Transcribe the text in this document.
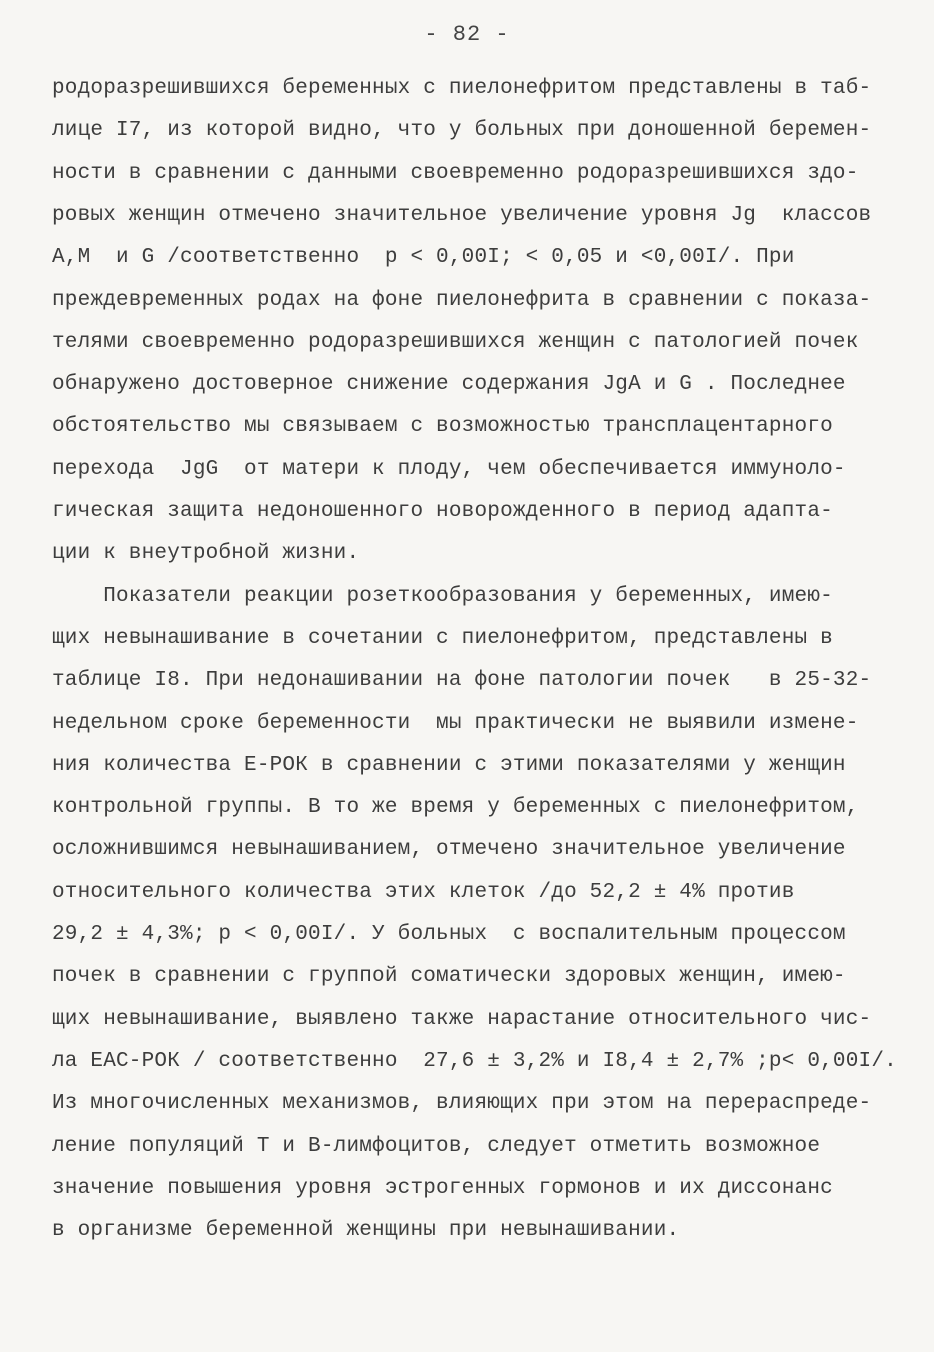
- 82 -
родоразрешившихся беременных с пиелонефритом представлены в таб-
лице I7, из которой видно, что у больных при доношенной беремен-
ности в сравнении с данными своевременно родоразрешившихся здо-
ровых женщин отмечено значительное увеличение уровня Jg  классов
А,М  и G /соответственно  p < 0,00I; < 0,05 и <0,00I/. При
преждевременных родах на фоне пиелонефрита в сравнении с показа-
телями своевременно родоразрешившихся женщин с патологией почек
обнаружено достоверное снижение содержания JgA и G . Последнее
обстоятельство мы связываем с возможностью трансплацентарного
перехода  JgG  от матери к плоду, чем обеспечивается иммуноло-
гическая защита недоношенного новорожденного в период адапта-
ции к внеутробной жизни.
Показатели реакции розеткообразования у беременных, имею-
щих невынашивание в сочетании с пиелонефритом, представлены в
таблице I8. При недонашивании на фоне патологии почек   в 25-32-
недельном сроке беременности  мы практически не выявили измене-
ния количества Е-РОК в сравнении с этими показателями у женщин
контрольной группы. В то же время у беременных с пиелонефритом,
осложнившимся невынашиванием, отмечено значительное увеличение
относительного количества этих клеток /до 52,2 ± 4% против
29,2 ± 4,3%; p < 0,00I/. У больных  с воспалительным процессом
почек в сравнении с группой соматически здоровых женщин, имею-
щих невынашивание, выявлено также нарастание относительного чис-
ла ЕАС-РОК / соответственно  27,6 ± 3,2% и I8,4 ± 2,7% ;p< 0,00I/.
Из многочисленных механизмов, влияющих при этом на перераспреде-
ление популяций Т и В-лимфоцитов, следует отметить возможное
значение повышения уровня эстрогенных гормонов и их диссонанс
в организме беременной женщины при невынашивании.
